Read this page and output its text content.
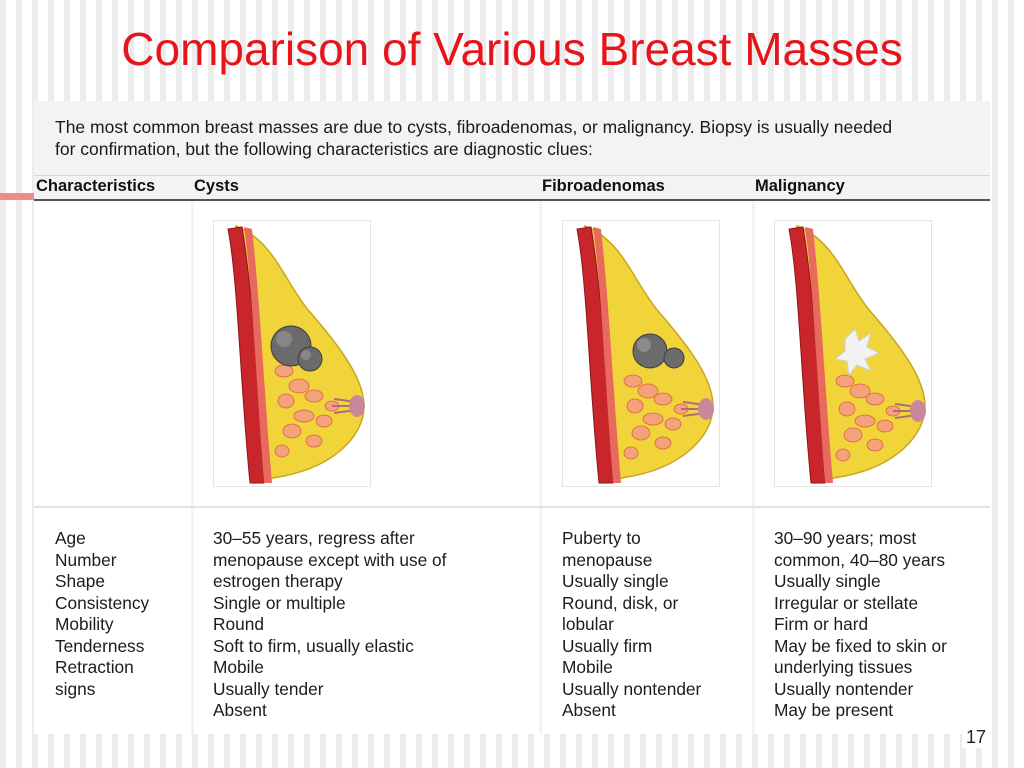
Comparison of Various Breast Masses
The most common breast masses are due to cysts, fibroadenomas, or malignancy. Biopsy is usually needed
for confirmation, but the following characteristics are diagnostic clues:
Characteristics Cysts	Fibroadenomas	Malignancy
Age
Number
Shape
Consistency
Mobility
Tenderness
Retraction
signs
30–55 years, regress after
menopause except with use of
estrogen therapy
Single or multiple
Round
Soft to firm, usually elastic
Mobile
Usually tender
Absent
Puberty to
menopause
Usually single
Round, disk, or
lobular
Usually firm
Mobile
Usually nontender
Absent
30–90 years; most
common, 40–80 years
Usually single
Irregular or stellate
Firm or hard
May be fixed to skin or
underlying tissues
Usually nontender
May be present
17
